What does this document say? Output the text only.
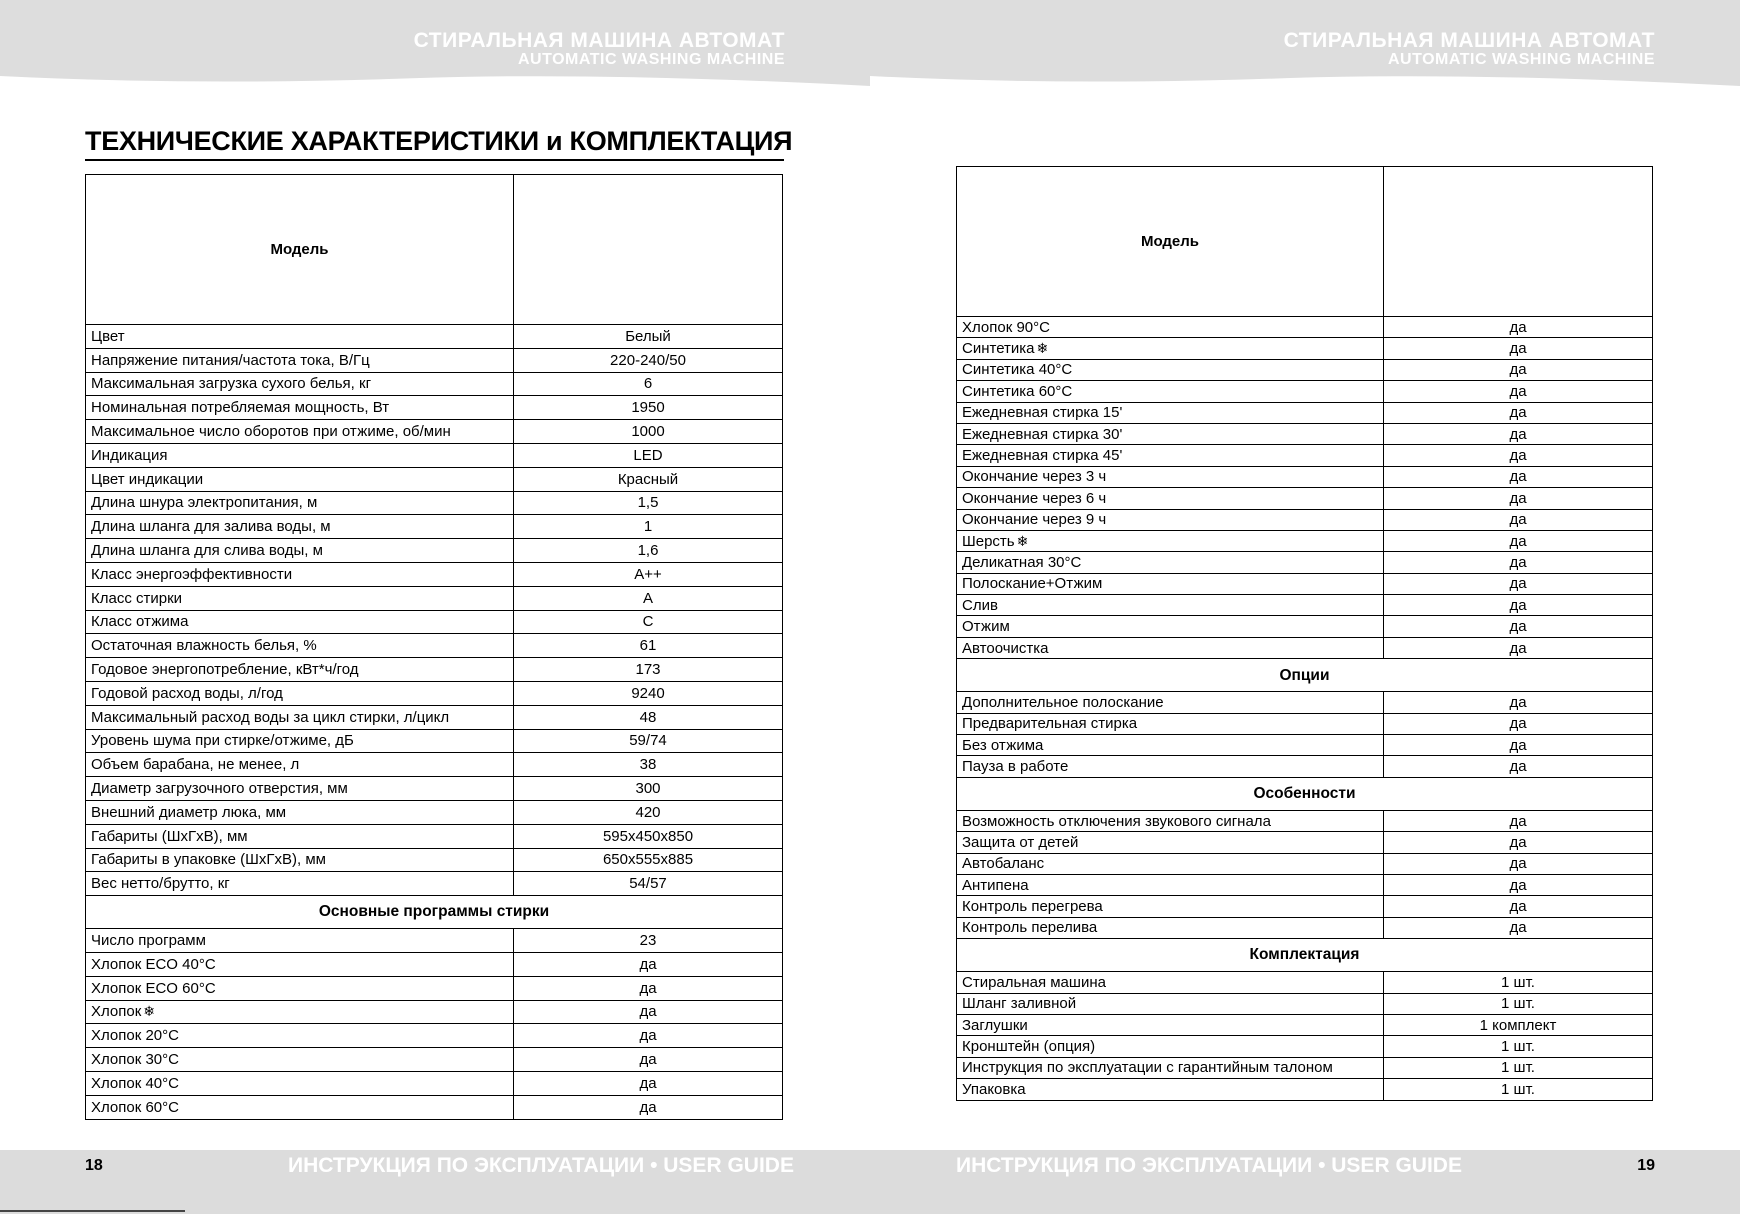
СТИРАЛЬНАЯ МАШИНА АВТОМАТ
AUTOMATIC WASHING MACHINE
ТЕХНИЧЕСКИЕ ХАРАКТЕРИСТИКИ и КОМПЛЕКТАЦИЯ
Модель	
Цвет	Белый
Напряжение питания/частота тока, В/Гц	220-240/50
Максимальная загрузка сухого белья, кг	6
Номинальная потребляемая мощность, Вт	1950
Максимальное число оборотов при отжиме, об/мин	1000
Индикация	LED
Цвет индикации	Красный
Длина шнура электропитания, м	1,5
Длина шланга для залива воды, м	1
Длина шланга для слива воды, м	1,6
Класс энергоэффективности	A++
Класс стирки	A
Класс отжима	C
Остаточная влажность белья, %	61
Годовое энергопотребление, кВт*ч/год	173
Годовой расход воды, л/год	9240
Максимальный расход воды за цикл стирки, л/цикл	48
Уровень шума при стирке/отжиме, дБ	59/74
Объем барабана, не менее, л	38
Диаметр загрузочного отверстия, мм	300
Внешний диаметр люка, мм	420
Габариты (ШхГхВ), мм	595x450x850
Габариты в упаковке (ШхГхВ), мм	650x555x885
Вес нетто/брутто, кг	54/57
Основные программы стирки	
Число программ	23
Хлопок ECO 40°C	да
Хлопок ECO 60°C	да
Хлопок ❄	да
Хлопок 20°C	да
Хлопок 30°C	да
Хлопок 40°C	да
Хлопок 60°C	да
18	ИНСТРУКЦИЯ ПО ЭКСПЛУАТАЦИИ • USER GUIDE
СТИРАЛЬНАЯ МАШИНА АВТОМАТ
AUTOMATIC WASHING MACHINE
Модель	
Хлопок 90°C	да
Синтетика ❄	да
Синтетика 40°C	да
Синтетика 60°C	да
Ежедневная стирка 15'	да
Ежедневная стирка 30'	да
Ежедневная стирка 45'	да
Окончание через 3 ч	да
Окончание через 6 ч	да
Окончание через 9 ч	да
Шерсть ❄	да
Деликатная 30°C	да
Полоскание+Отжим	да
Слив	да
Отжим	да
Автоочистка	да
Опции	
Дополнительное полоскание	да
Предварительная стирка	да
Без отжима	да
Пауза в работе	да
Особенности	
Возможность отключения звукового сигнала	да
Защита от детей	да
Автобаланс	да
Антипена	да
Контроль перегрева	да
Контроль перелива	да
Комплектация	
Стиральная машина	1 шт.
Шланг заливной	1 шт.
Заглушки	1 комплект
Кронштейн (опция)	1 шт.
Инструкция по эксплуатации с гарантийным талоном	1 шт.
Упаковка	1 шт.
ИНСТРУКЦИЯ ПО ЭКСПЛУАТАЦИИ • USER GUIDE	19
